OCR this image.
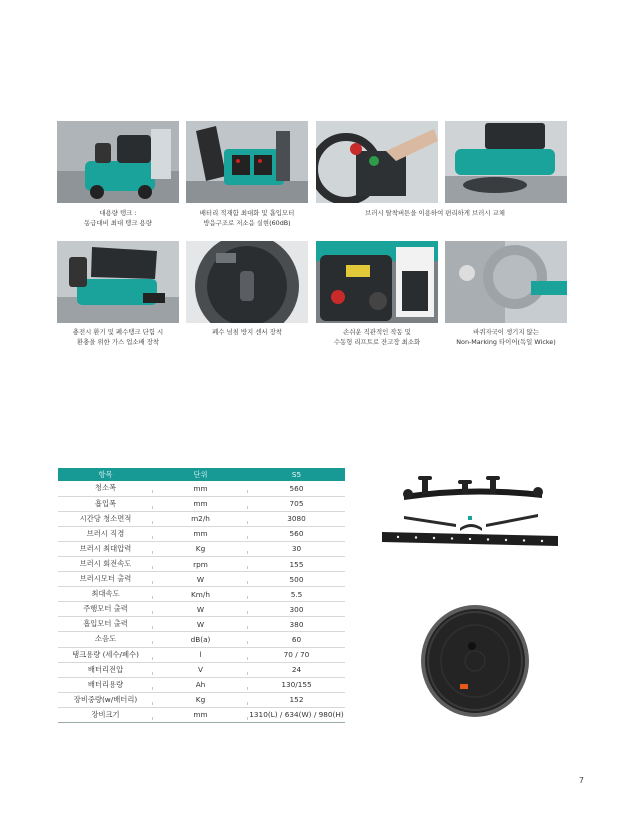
대용량 탱크 :
동급대비 최대 탱크 용량
배터리 적재함 최대화 및 흡입모터
방음구조로 저소음 실현(60dB)
브러시 탈착버튼을 이용하여 편리하게 브러시 교체
충전시 환기 및 폐수탱크 단힘 시
환충을 위한 가스 업소배 장착
폐수 넘침 방지 센서 장착	손쉬운 직관적인 작동 및
수동형 리프트로 잔고장 최소화
바퀴자국이 생기지 않는
Non-Marking 타이어(독일 Wicke)
항목	단위	S5
청소폭	mm	560
흡입폭	mm	705
시간당 청소면적	m2/h	3080
브러시 직경	mm	560
브러시 최대압력	Kg	30
브러시 회전속도	rpm	155
브러시모터 출력	W	500
최대속도	Km/h	5.5
주행모터 출력	W	300
흡입모터 출력	W	380
소음도	dB(a)	60
탱크용량 (세수/폐수)	l	70 / 70
배터리전압	V	24
배터리용량	Ah	130/155
장비중량(w/배터리)	Kg	152
장비크기	mm	1310(L) / 634(W) / 980(H)
7
